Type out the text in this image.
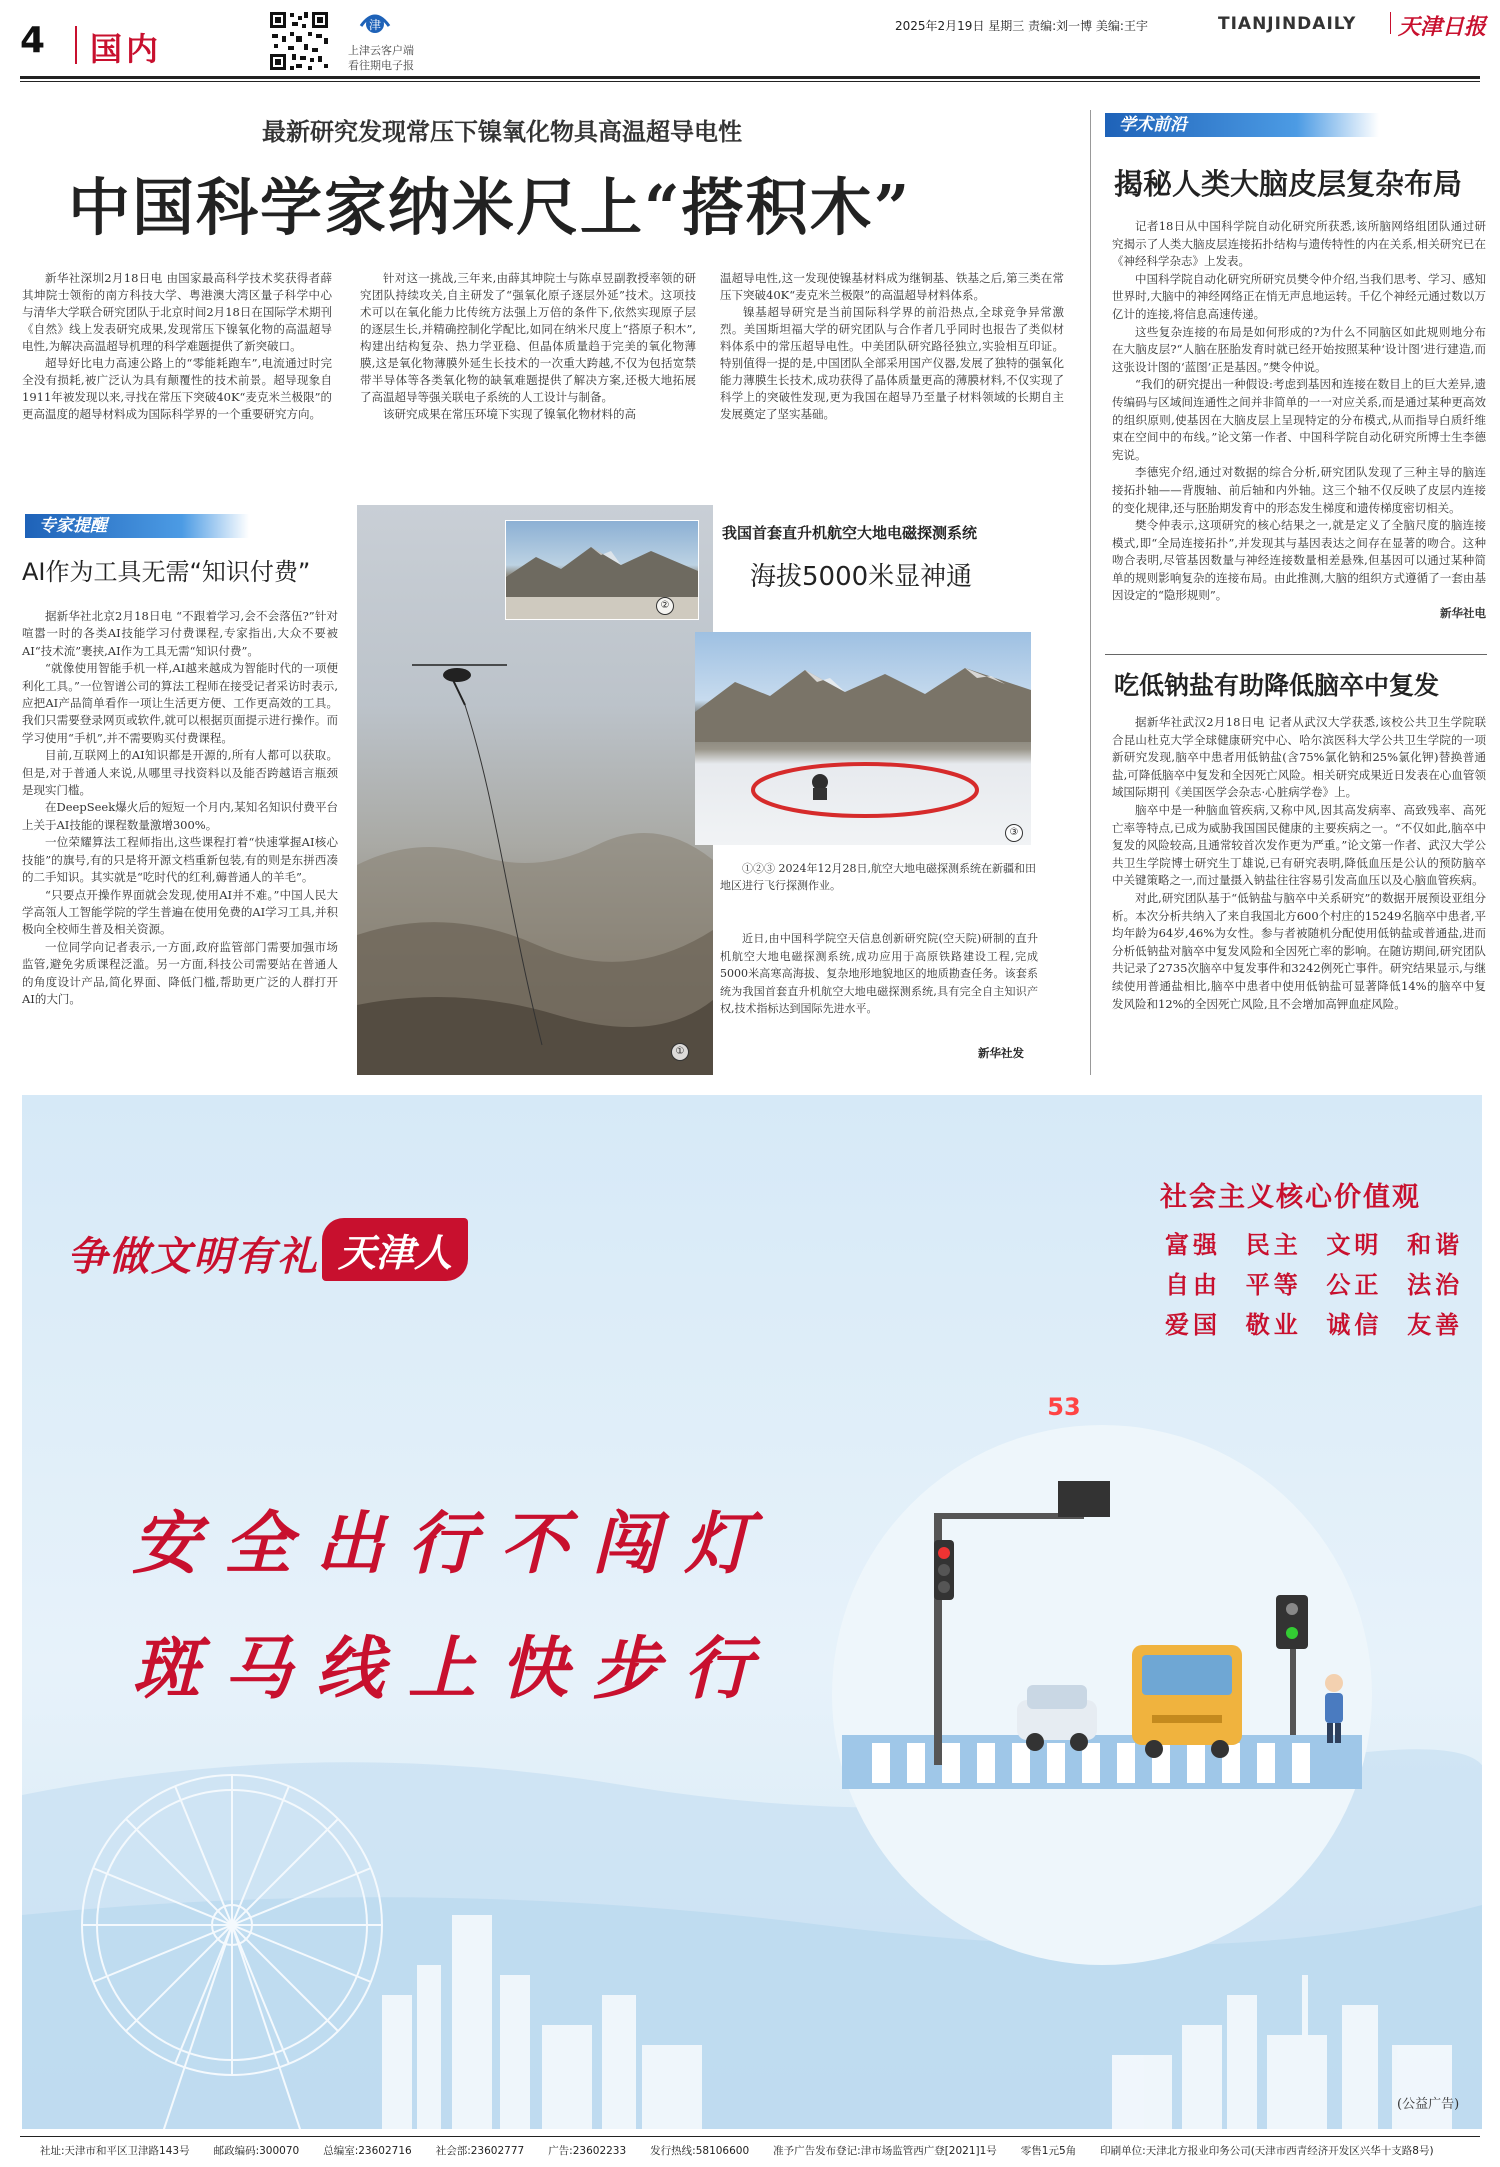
4 国内
津
上津云客户端
看往期电子报
2025年2月19日 星期三 责编:刘一博 美编:王宇	TIANJINDAILY 天津日报
最新研究发现常压下镍氧化物具高温超导电性
中国科学家纳米尺上“搭积木”

新华社深圳2月18日电 由国家最高科学技术奖获得者薛其坤院士领衔的南方科技大学、粤港澳大湾区量子科学中心与清华大学联合研究团队于北京时间2月18日在国际学术期刊《自然》线上发表研究成果,发现常压下镍氧化物的高温超导电性,为解决高温超导机理的科学难题提供了新突破口。

超导好比电力高速公路上的“零能耗跑车”,电流通过时完全没有损耗,被广泛认为具有颠覆性的技术前景。超导现象自1911年被发现以来,寻找在常压下突破40K“麦克米兰极限”的更高温度的超导材料成为国际科学界的一个重要研究方向。

针对这一挑战,三年来,由薛其坤院士与陈卓昱副教授率领的研究团队持续攻关,自主研发了“强氧化原子逐层外延”技术。这项技术可以在氧化能力比传统方法强上万倍的条件下,依然实现原子层的逐层生长,并精确控制化学配比,如同在纳米尺度上“搭原子积木”,构建出结构复杂、热力学亚稳、但晶体质量趋于完美的氧化物薄膜,这是氧化物薄膜外延生长技术的一次重大跨越,不仅为包括宽禁带半导体等各类氧化物的缺氧难题提供了解决方案,还极大地拓展了高温超导等强关联电子系统的人工设计与制备。

该研究成果在常压环境下实现了镍氧化物材料的高

温超导电性,这一发现使镍基材料成为继铜基、铁基之后,第三类在常压下突破40K“麦克米兰极限”的高温超导材料体系。

镍基超导研究是当前国际科学界的前沿热点,全球竞争异常激烈。美国斯坦福大学的研究团队与合作者几乎同时也报告了类似材料体系中的常压超导电性。中美团队研究路径独立,实验相互印证。特别值得一提的是,中国团队全部采用国产仪器,发展了独特的强氧化能力薄膜生长技术,成功获得了晶体质量更高的薄膜材料,不仅实现了科学上的突破性发现,更为我国在超导乃至量子材料领域的长期自主发展奠定了坚实基础。

学术前沿
揭秘人类大脑皮层复杂布局

记者18日从中国科学院自动化研究所获悉,该所脑网络组团队通过研究揭示了人类大脑皮层连接拓扑结构与遗传特性的内在关系,相关研究已在《神经科学杂志》上发表。

中国科学院自动化研究所研究员樊令仲介绍,当我们思考、学习、感知世界时,大脑中的神经网络正在悄无声息地运转。千亿个神经元通过数以万亿计的连接,将信息高速传递。

这些复杂连接的布局是如何形成的?为什么不同脑区如此规则地分布在大脑皮层?“人脑在胚胎发育时就已经开始按照某种‘设计图’进行建造,而这张设计图的‘蓝图’正是基因。”樊令仲说。

“我们的研究提出一种假设:考虑到基因和连接在数目上的巨大差异,遗传编码与区域间连通性之间并非简单的一一对应关系,而是通过某种更高效的组织原则,使基因在大脑皮层上呈现特定的分布模式,从而指导白质纤维束在空间中的布线。”论文第一作者、中国科学院自动化研究所博士生李德宪说。

李德宪介绍,通过对数据的综合分析,研究团队发现了三种主导的脑连接拓扑轴——背腹轴、前后轴和内外轴。这三个轴不仅反映了皮层内连接的变化规律,还与胚胎期发育中的形态发生梯度和遗传梯度密切相关。

樊令仲表示,这项研究的核心结果之一,就是定义了全脑尺度的脑连接模式,即“全局连接拓扑”,并发现其与基因表达之间存在显著的吻合。这种吻合表明,尽管基因数量与神经连接数量相差悬殊,但基因可以通过某种简单的规则影响复杂的连接布局。由此推测,大脑的组织方式遵循了一套由基因设定的“隐形规则”。

新华社电
吃低钠盐有助降低脑卒中复发

据新华社武汉2月18日电 记者从武汉大学获悉,该校公共卫生学院联合昆山杜克大学全球健康研究中心、哈尔滨医科大学公共卫生学院的一项新研究发现,脑卒中患者用低钠盐(含75%氯化钠和25%氯化钾)替换普通盐,可降低脑卒中复发和全因死亡风险。相关研究成果近日发表在心血管领域国际期刊《美国医学会杂志·心脏病学卷》上。

脑卒中是一种脑血管疾病,又称中风,因其高发病率、高致残率、高死亡率等特点,已成为威胁我国国民健康的主要疾病之一。“不仅如此,脑卒中复发的风险较高,且通常较首次发作更为严重。”论文第一作者、武汉大学公共卫生学院博士研究生丁雄说,已有研究表明,降低血压是公认的预防脑卒中关键策略之一,而过量摄入钠盐往往容易引发高血压以及心脑血管疾病。

对此,研究团队基于“低钠盐与脑卒中关系研究”的数据开展预设亚组分析。本次分析共纳入了来自我国北方600个村庄的15249名脑卒中患者,平均年龄为64岁,46%为女性。参与者被随机分配使用低钠盐或普通盐,进而分析低钠盐对脑卒中复发风险和全因死亡率的影响。在随访期间,研究团队共记录了2735次脑卒中复发事件和3242例死亡事件。研究结果显示,与继续使用普通盐相比,脑卒中患者中使用低钠盐可显著降低14%的脑卒中复发风险和12%的全因死亡风险,且不会增加高钾血症风险。

专家提醒
AI作为工具无需“知识付费”

据新华社北京2月18日电 “不跟着学习,会不会落伍?”针对喧嚣一时的各类AI技能学习付费课程,专家指出,大众不要被AI“技术流”裹挟,AI作为工具无需“知识付费”。

“就像使用智能手机一样,AI越来越成为智能时代的一项便利化工具。”一位智谱公司的算法工程师在接受记者采访时表示,应把AI产品简单看作一项让生活更方便、工作更高效的工具。我们只需要登录网页或软件,就可以根据页面提示进行操作。而学习使用“手机”,并不需要购买付费课程。

目前,互联网上的AI知识都是开源的,所有人都可以获取。但是,对于普通人来说,从哪里寻找资料以及能否跨越语言瓶颈是现实门槛。

在DeepSeek爆火后的短短一个月内,某知名知识付费平台上关于AI技能的课程数量激增300%。

一位荣耀算法工程师指出,这些课程打着“快速掌握AI核心技能”的旗号,有的只是将开源文档重新包装,有的则是东拼西凑的二手知识。其实就是“吃时代的红利,薅普通人的羊毛”。

“只要点开操作界面就会发现,使用AI并不难。”中国人民大学高瓴人工智能学院的学生普遍在使用免费的AI学习工具,并积极向全校师生普及相关资源。

一位同学向记者表示,一方面,政府监管部门需要加强市场监管,避免劣质课程泛滥。另一方面,科技公司需要站在普通人的角度设计产品,简化界面、降低门槛,帮助更广泛的人群打开AI的大门。

①
②
我国首套直升机航空大地电磁探测系统
海拔5000米显神通
③
①②③ 2024年12月28日,航空大地电磁探测系统在新疆和田地区进行飞行探测作业。
近日,由中国科学院空天信息创新研究院(空天院)研制的直升机航空大地电磁探测系统,成功应用于高原铁路建设工程,完成5000米高寒高海拔、复杂地形地貌地区的地质勘查任务。该套系统为我国首套直升机航空大地电磁探测系统,具有完全自主知识产权,技术指标达到国际先进水平。
新华社发
争做文明有礼 天津人
社会主义核心价值观
富强  民主  文明  和谐
自由  平等  公正  法治
爱国  敬业  诚信  友善
安全出行不闯灯
斑马线上快步行
53
(公益广告)
社址:天津市和平区卫津路143号 邮政编码:300070 总编室:23602716 社会部:23602777 广告:23602233 发行热线:58106600 准予广告发布登记:津市场监管西广登[2021]1号 零售1元5角 印刷单位:天津北方报业印务公司(天津市西青经济开发区兴华十支路8号)
